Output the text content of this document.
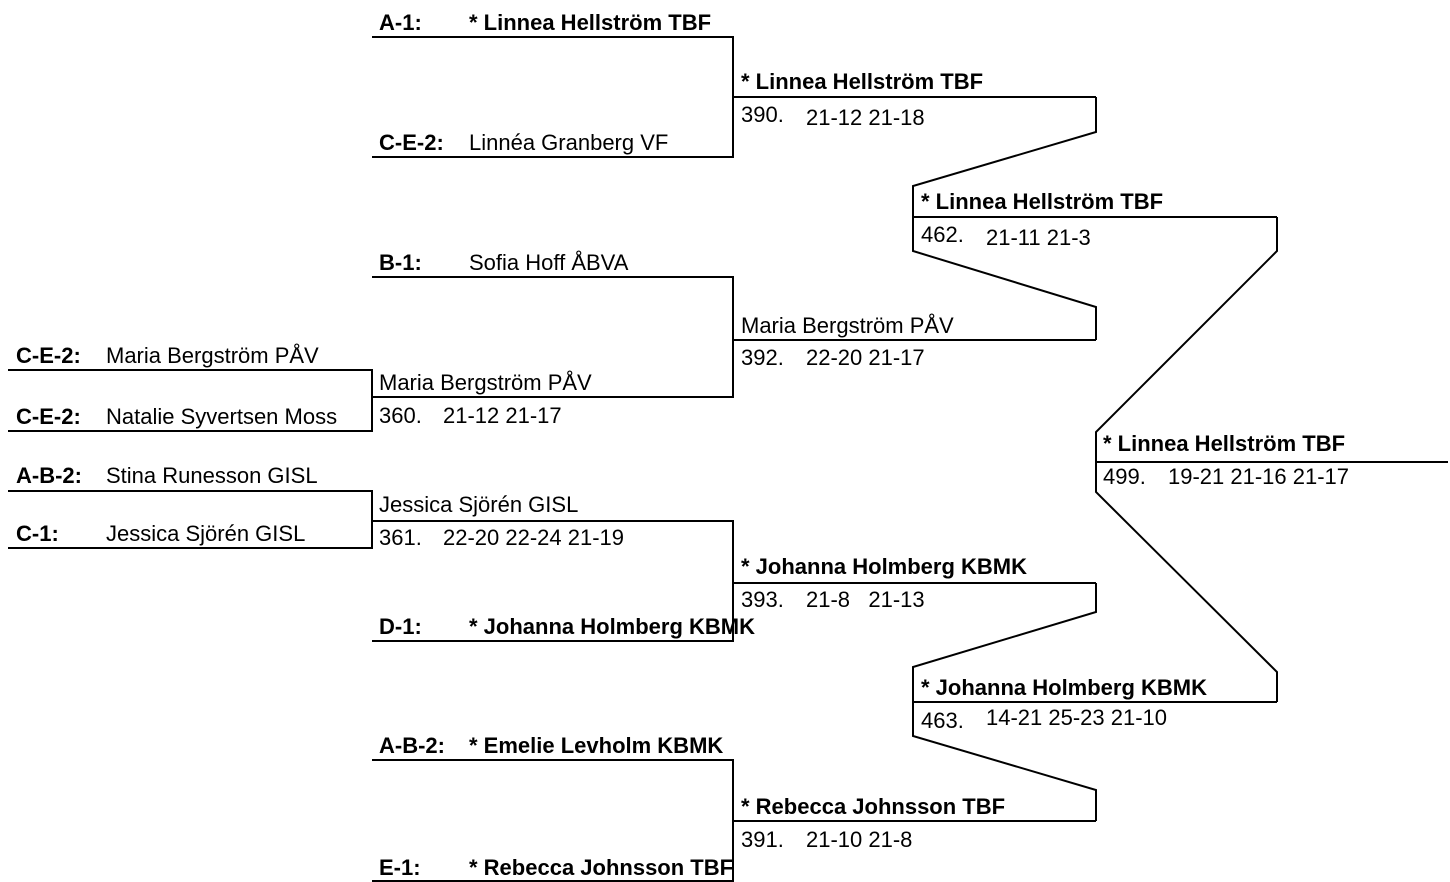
A-1: * Linnea Hellström TBF
C-E-2: Linnéa Granberg VF
B-1: Sofia Hoff ÅBVA
C-E-2: Maria Bergström PÅV
C-E-2: Natalie Syvertsen Moss
A-B-2: Stina Runesson GISL
C-1: Jessica Sjörén GISL
D-1: * Johanna Holmberg KBMK
A-B-2: * Emelie Levholm KBMK
E-1: * Rebecca Johnsson TBF
Maria Bergström PÅV
360. 21-12 21-17
Jessica Sjörén GISL
361. 22-20 22-24 21-19
* Linnea Hellström TBF
390. 21-12 21-18
Maria Bergström PÅV
392. 22-20 21-17
* Johanna Holmberg KBMK
393. 21-8   21-13
* Rebecca Johnsson TBF
391. 21-10 21-8
* Linnea Hellström TBF
462. 21-11 21-3
* Johanna Holmberg KBMK
463. 14-21 25-23 21-10
* Linnea Hellström TBF
499. 19-21 21-16 21-17
